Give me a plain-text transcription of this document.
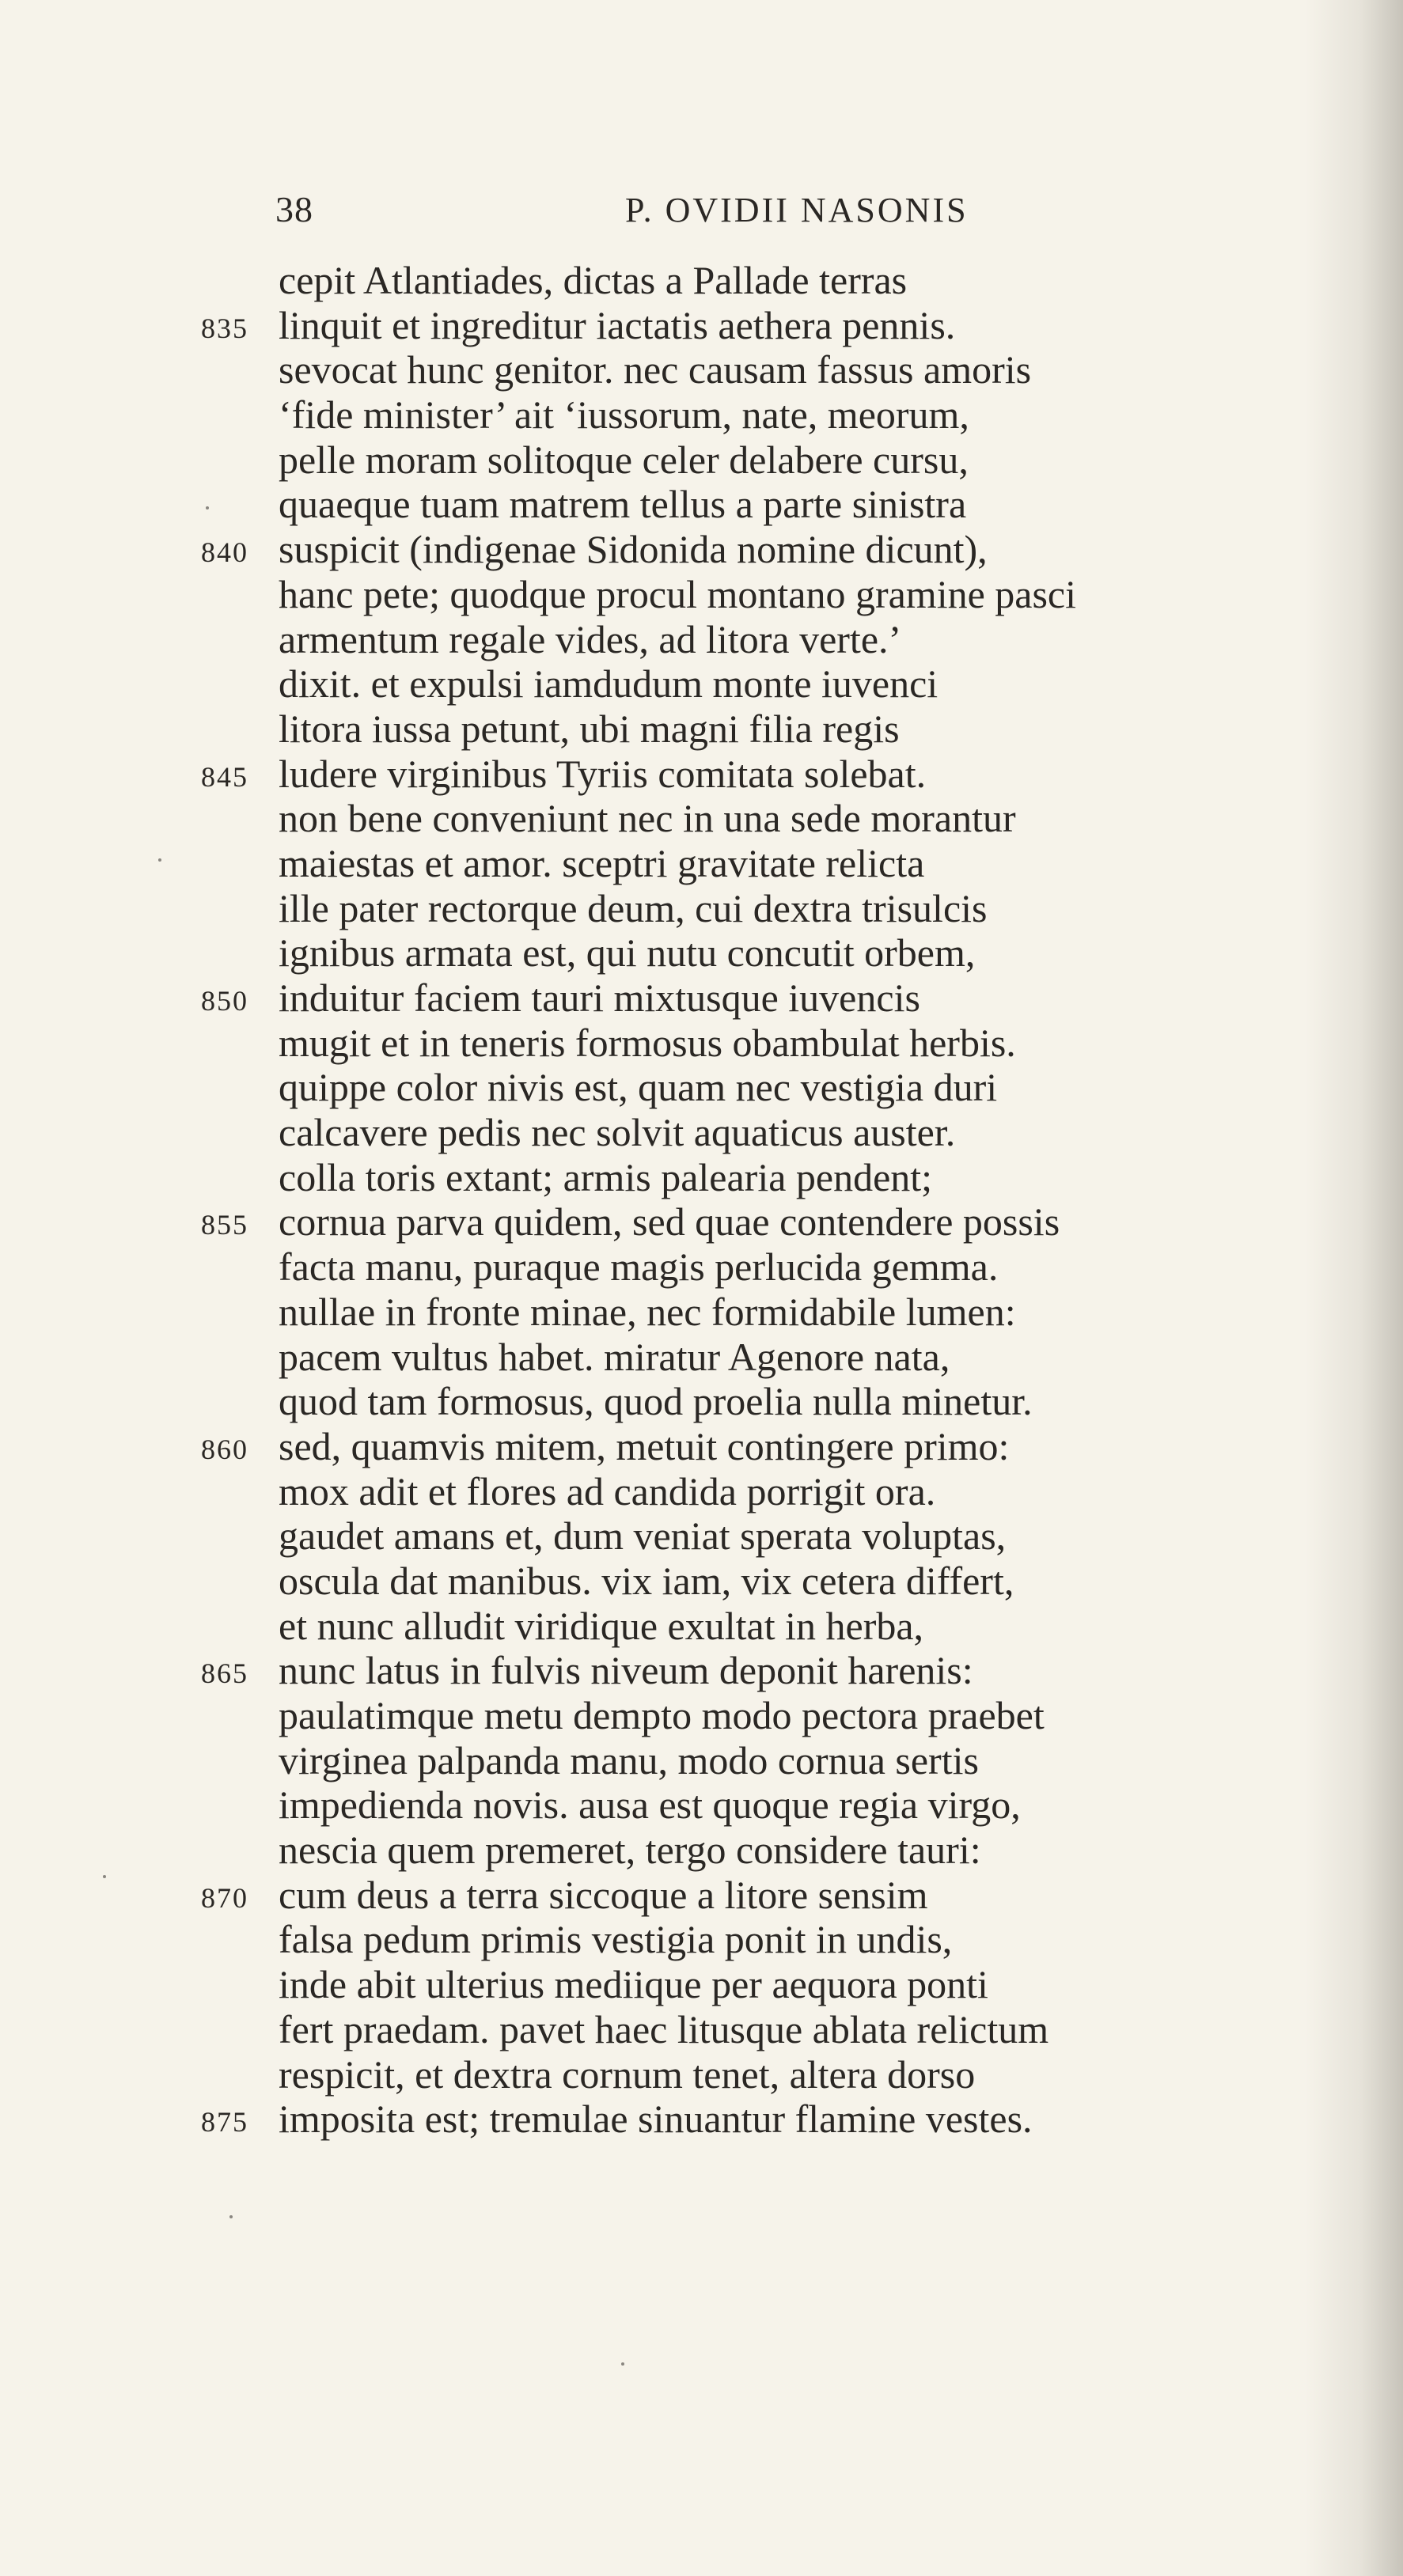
38	P. OVIDII NASONIS
cepit Atlantiades, dictas a Pallade terras
835 linquit et ingreditur iactatis aethera pennis.
sevocat hunc genitor. nec causam fassus amoris
‘fide minister’ ait ‘iussorum, nate, meorum,
pelle moram solitoque celer delabere cursu,
quaeque tuam matrem tellus a parte sinistra
840 suspicit (indigenae Sidonida nomine dicunt),
hanc pete; quodque procul montano gramine pasci
armentum regale vides, ad litora verte.’
dixit. et expulsi iamdudum monte iuvenci
litora iussa petunt, ubi magni filia regis
845 ludere virginibus Tyriis comitata solebat.
non bene conveniunt nec in una sede morantur
maiestas et amor. sceptri gravitate relicta
ille pater rectorque deum, cui dextra trisulcis
ignibus armata est, qui nutu concutit orbem,
850 induitur faciem tauri mixtusque iuvencis
mugit et in teneris formosus obambulat herbis.
quippe color nivis est, quam nec vestigia duri
calcavere pedis nec solvit aquaticus auster.
colla toris extant; armis palearia pendent;
855 cornua parva quidem, sed quae contendere possis
facta manu, puraque magis perlucida gemma.
nullae in fronte minae, nec formidabile lumen:
pacem vultus habet. miratur Agenore nata,
quod tam formosus, quod proelia nulla minetur.
860 sed, quamvis mitem, metuit contingere primo:
mox adit et flores ad candida porrigit ora.
gaudet amans et, dum veniat sperata voluptas,
oscula dat manibus. vix iam, vix cetera differt,
et nunc alludit viridique exultat in herba,
865 nunc latus in fulvis niveum deponit harenis:
paulatimque metu dempto modo pectora praebet
virginea palpanda manu, modo cornua sertis
impedienda novis. ausa est quoque regia virgo,
nescia quem premeret, tergo considere tauri:
870 cum deus a terra siccoque a litore sensim
falsa pedum primis vestigia ponit in undis,
inde abit ulterius mediique per aequora ponti
fert praedam. pavet haec litusque ablata relictum
respicit, et dextra cornum tenet, altera dorso
875 imposita est; tremulae sinuantur flamine vestes.
